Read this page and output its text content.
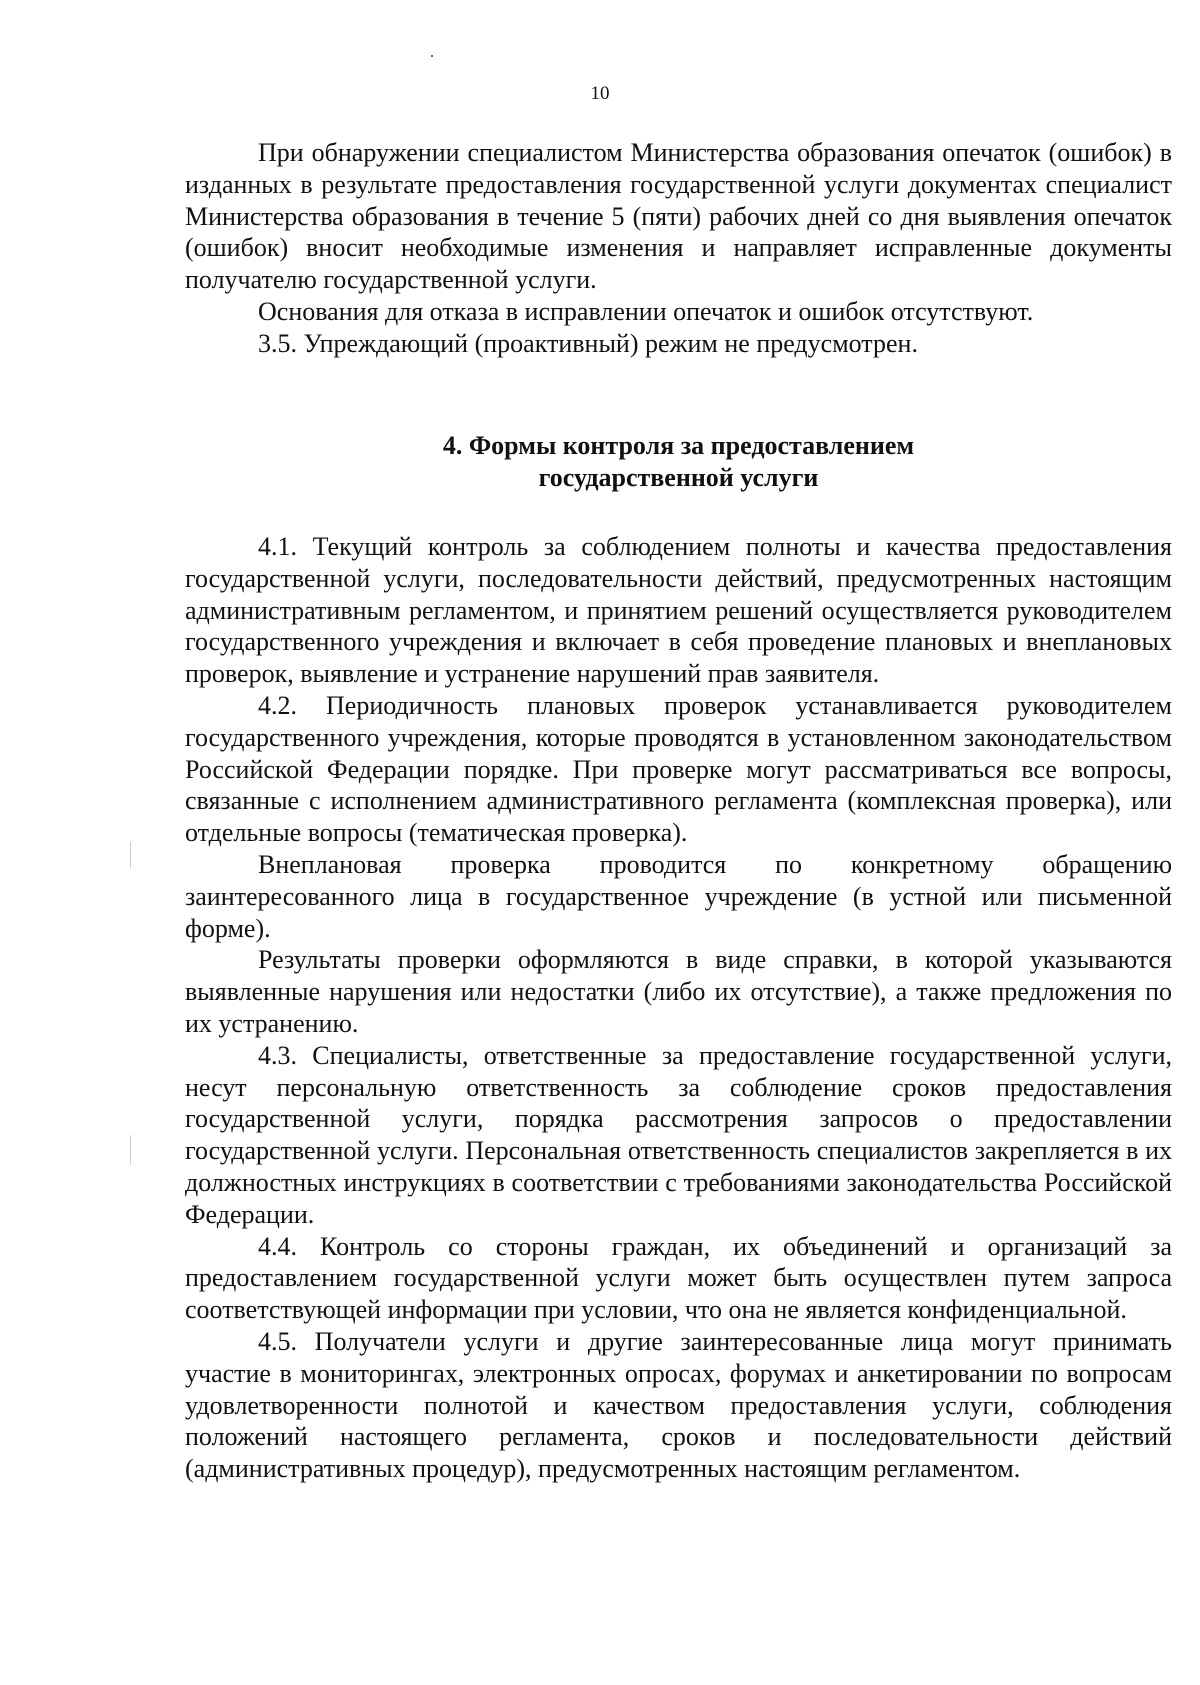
10

При обнаружении специалистом Министерства образования опечаток (ошибок) в изданных в результате предоставления государственной услуги документах специалист Министерства образования в течение 5 (пяти) рабочих дней со дня выявления опечаток (ошибок) вносит необходимые изменения и направляет исправленные документы получателю государственной услуги.

Основания для отказа в исправлении опечаток и ошибок отсутствуют.

3.5. Упреждающий (проактивный) режим не предусмотрен.

4. Формы контроля за предоставлением
государственной услуги

4.1. Текущий контроль за соблюдением полноты и качества предоставления государственной услуги, последовательности действий, предусмотренных настоящим административным регламентом, и принятием решений осуществляется руководителем государственного учреждения и включает в себя проведение плановых и внеплановых проверок, выявление и устранение нарушений прав заявителя.

4.2. Периодичность плановых проверок устанавливается руководителем государственного учреждения, которые проводятся в установленном законодательством Российской Федерации порядке. При проверке могут рассматриваться все вопросы, связанные с исполнением административного регламента (комплексная проверка), или отдельные вопросы (тематическая проверка).

Внеплановая проверка проводится по конкретному обращению заинтересованного лица в государственное учреждение (в устной или письменной форме).

Результаты проверки оформляются в виде справки, в которой указываются выявленные нарушения или недостатки (либо их отсутствие), а также предложения по их устранению.

4.3. Специалисты, ответственные за предоставление государственной услуги, несут персональную ответственность за соблюдение сроков предоставления государственной услуги, порядка рассмотрения запросов о предоставлении государственной услуги. Персональная ответственность специалистов закрепляется в их должностных инструкциях в соответствии с требованиями законодательства Российской Федерации.

4.4. Контроль со стороны граждан, их объединений и организаций за предоставлением государственной услуги может быть осуществлен путем запроса соответствующей информации при условии, что она не является конфиденциальной.

4.5. Получатели услуги и другие заинтересованные лица могут принимать участие в мониторингах, электронных опросах, форумах и анкетировании по вопросам удовлетворенности полнотой и качеством предоставления услуги, соблюдения положений настоящего регламента, сроков и последовательности действий (административных процедур), предусмотренных настоящим регламентом.
